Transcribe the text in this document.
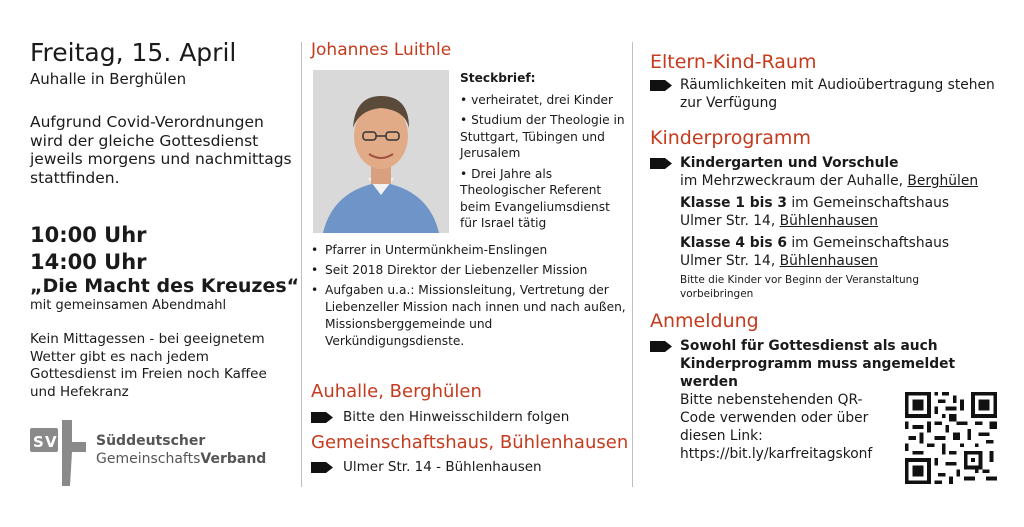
Freitag, 15. April
Auhalle in Berghülen
Aufgrund Covid-Verordnungen wird der gleiche Gottesdienst jeweils morgens und nachmittags stattfinden.
10:00 Uhr
14:00 Uhr
„Die Macht des Kreuzes“
mit gemeinsamen Abendmahl
Kein Mittagessen - bei geeignetem Wetter gibt es nach jedem Gottesdienst im Freien noch Kaffee und Hefekranz
S V	Süddeutscher
GemeinschaftsVerband
Johannes Luithle
Steckbrief:
• verheiratet, drei Kinder
• Studium der Theologie in Stuttgart, Tübingen und Jerusalem
• Drei Jahre als Theologischer Referent beim Evangeliumsdienst für Israel tätig
• Pfarrer in Untermünkheim-Enslingen
• Seit 2018 Direktor der Liebenzeller Mission
• Aufgaben u.a.: Missionsleitung, Vertretung der Liebenzeller Mission nach innen und nach außen, Missionsberggemeinde und Verkündigungsdienste.
Auhalle, Berghülen
Bitte den Hinweisschildern folgen
Gemeinschaftshaus, Bühlenhausen
Ulmer Str. 14 - Bühlenhausen
Eltern-Kind-Raum
Räumlichkeiten mit Audioübertragung stehen zur Verfügung
Kinderprogramm
Kindergarten und Vorschule
im Mehrzweckraum der Auhalle, Berghülen
Klasse 1 bis 3 im Gemeinschaftshaus
Ulmer Str. 14, Bühlenhausen
Klasse 4 bis 6 im Gemeinschaftshaus
Ulmer Str. 14, Bühlenhausen
Bitte die Kinder vor Beginn der Veranstaltung vorbeibringen
Anmeldung
Sowohl für Gottesdienst als auch Kinderprogramm muss angemeldet werden
Bitte nebenstehenden QR-Code verwenden oder über diesen Link:
https://bit.ly/karfreitagskonf
